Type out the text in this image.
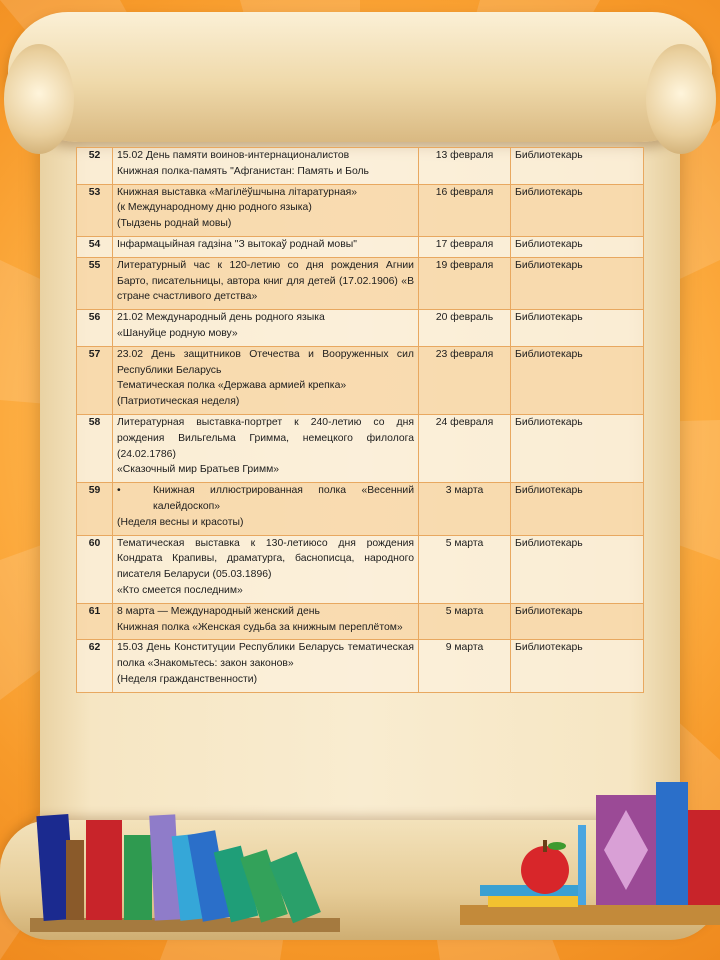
52	15.02 День памяти воинов-интернационалистов
Книжная полка-память "Афганистан: Память и Боль	13 февраля	Библиотекарь
53	Книжная выставка «Магілёўшчына літаратурная»
(к Международному дню родного языка)
(Тыдзень роднай мовы)	16 февраля	Библиотекарь
54	Інфармацыйная гадзіна "З вытокаў роднай мовы"	17 февраля	Библиотекарь
55	Литературный час к 120-летию со дня рождения Агнии Барто, писательницы, автора книг для детей (17.02.1906) «В стране счастливого детства»	19 февраля	Библиотекарь
56	21.02 Международный день родного языка
«Шануйце родную мову»	20 февраль	Библиотекарь
57	23.02 День защитников Отечества и Вооруженных сил Республики Беларусь
Тематическая полка «Держава армией крепка»
(Патриотическая неделя)	23 февраля	Библиотекарь
58	Литературная выставка-портрет к 240-летию со дня рождения Вильгельма Гримма, немецкого филолога (24.02.1786)
«Сказочный мир Братьев Гримм»	24 февраля	Библиотекарь
59	• Книжная иллюстрированная полка «Весенний калейдоскоп»
(Неделя весны и красоты)	3 марта	Библиотекарь
60	Тематическая выставка к 130-летиюсо дня рождения Кондрата Крапивы, драматурга, баснописца, народного писателя Беларуси (05.03.1896)
«Кто смеется последним»	5 марта	Библиотекарь
61	8 марта — Международный женский день
Книжная полка «Женская судьба за книжным переплётом»	5 марта	Библиотекарь
62	15.03 День Конституции Республики Беларусь тематическая полка «Знакомьтесь: закон законов»
(Неделя гражданственности)	9 марта	Библиотекарь
